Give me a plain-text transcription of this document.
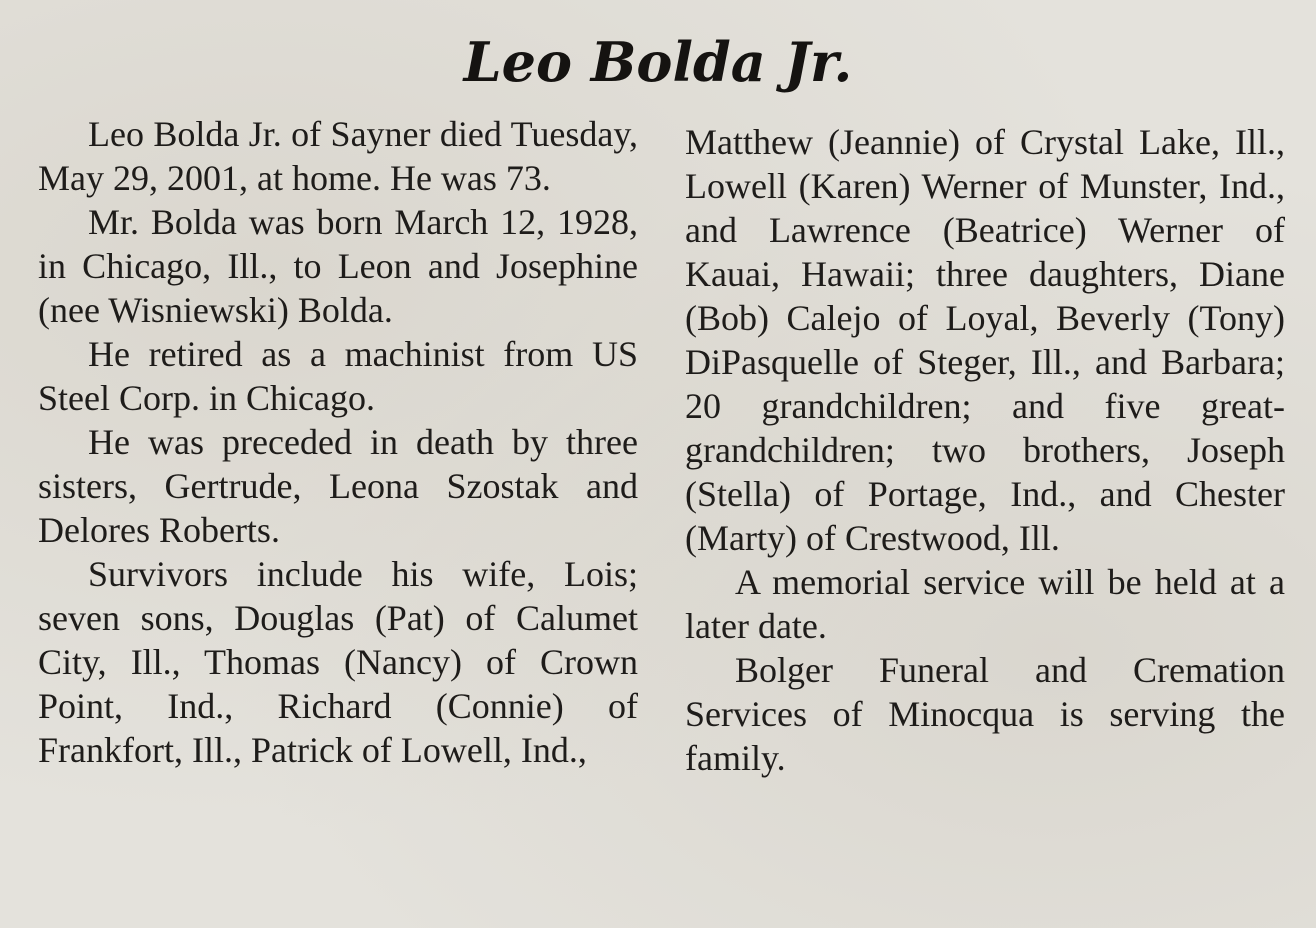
Leo Bolda Jr.

Leo Bolda Jr. of Sayner died Tuesday, May 29, 2001, at home. He was 73.

Mr. Bolda was born March 12, 1928, in Chicago, Ill., to Leon and Josephine (nee Wisniewski) Bolda.

He retired as a machinist from US Steel Corp. in Chicago.

He was preceded in death by three sisters, Gertrude, Leona Szostak and Delores Roberts.

Survivors include his wife, Lois; seven sons, Douglas (Pat) of Calumet City, Ill., Thomas (Nancy) of Crown Point, Ind., Richard (Connie) of Frankfort, Ill., Patrick of Lowell, Ind.,

Matthew (Jeannie) of Crystal Lake, Ill., Lowell (Karen) Werner of Munster, Ind., and Lawrence (Beatrice) Werner of Kauai, Hawaii; three daughters, Diane (Bob) Calejo of Loyal, Beverly (Tony) DiPasquelle of Steger, Ill., and Barbara; 20 grandchildren; and five great-grandchildren; two brothers, Joseph (Stella) of Portage, Ind., and Chester (Marty) of Crestwood, Ill.

A memorial service will be held at a later date.

Bolger Funeral and Cremation Services of Minocqua is serving the family.
